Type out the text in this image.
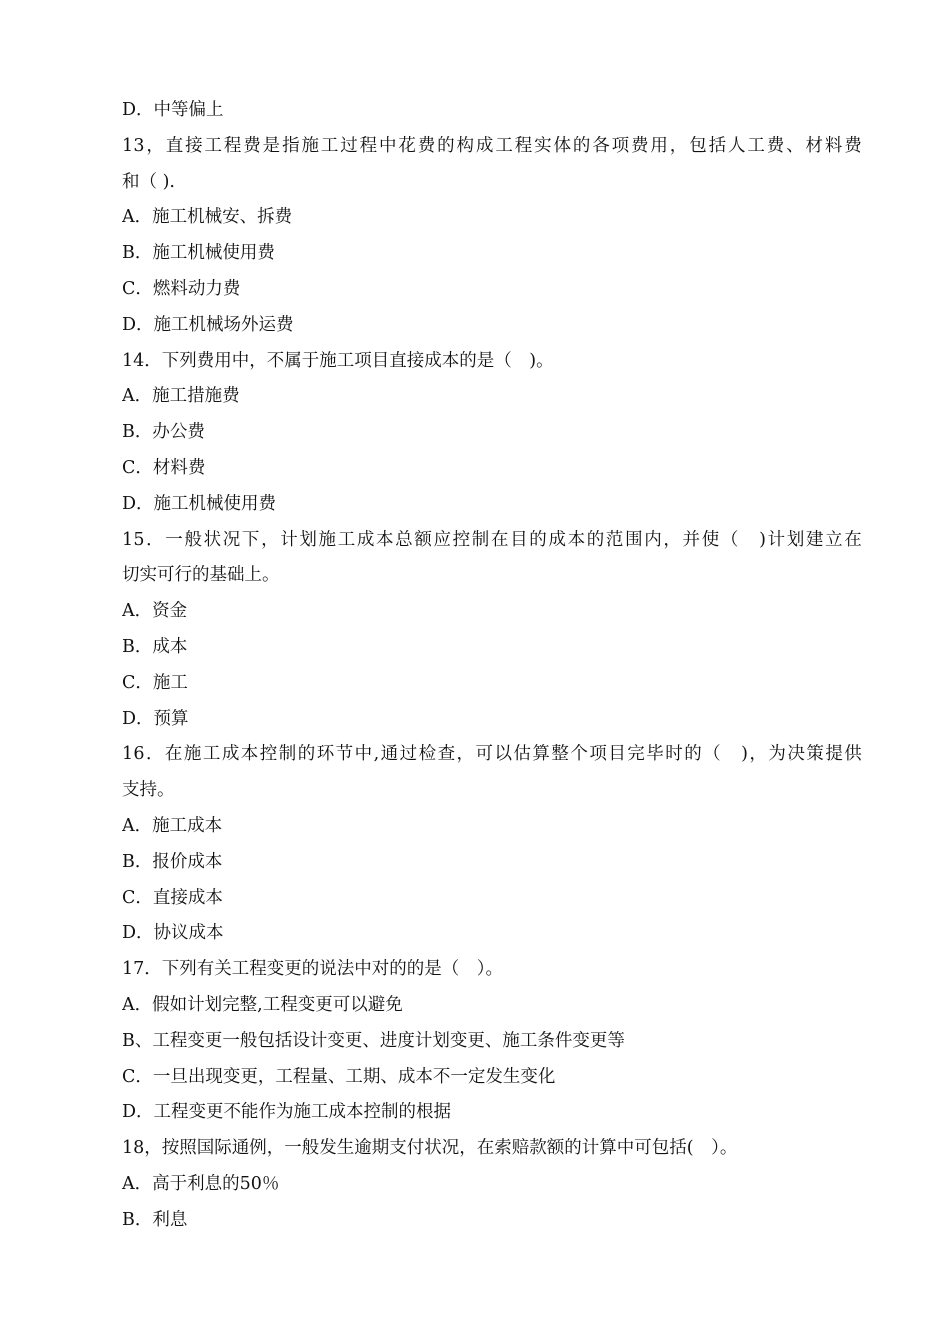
D．中等偏上
13，直接工程费是指施工过程中花费的构成工程实体的各项费用，包括人工费、材料费
和（ ).
A．施工机械安、拆费
B．施工机械使用费
C．燃料动力费
D．施工机械场外运费
14．下列费用中，不属于施工项目直接成本的是（　)。
A．施工措施费
B．办公费
C．材料费
D．施工机械使用费
15．一般状况下，计划施工成本总额应控制在目的成本的范围内，并使（　)计划建立在
切实可行的基础上。
A．资金
B．成本
C．施工
D．预算
16．在施工成本控制的环节中,通过检查，可以估算整个项目完毕时的（　)，为决策提供
支持。
A．施工成本
B．报价成本
C．直接成本
D．协议成本
17．下列有关工程变更的说法中对的的是（　）。
A．假如计划完整,工程变更可以避免
B、工程变更一般包括设计变更、进度计划变更、施工条件变更等
C．一旦出现变更，工程量、工期、成本不一定发生变化
D．工程变更不能作为施工成本控制的根据
18，按照国际通例，一般发生逾期支付状况，在索赔款额的计算中可包括(　）。
A．高于利息的50％
B．利息
